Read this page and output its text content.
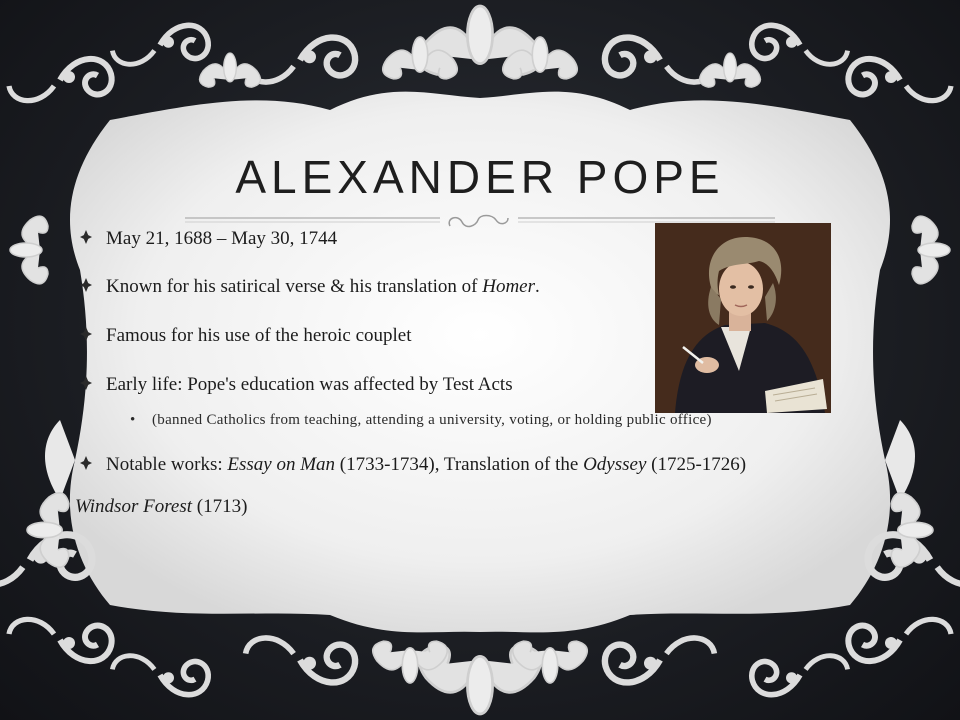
ALEXANDER POPE
May 21, 1688 – May 30, 1744
Known for his satirical verse & his translation of Homer.
Famous for his use of the heroic couplet
Early life: Pope's education was affected by Test Acts
• (banned Catholics from teaching, attending a university, voting, or holding public office)
Notable works: Essay on Man (1733-1734), Translation of the Odyssey (1725-1726)
Windsor Forest (1713)
